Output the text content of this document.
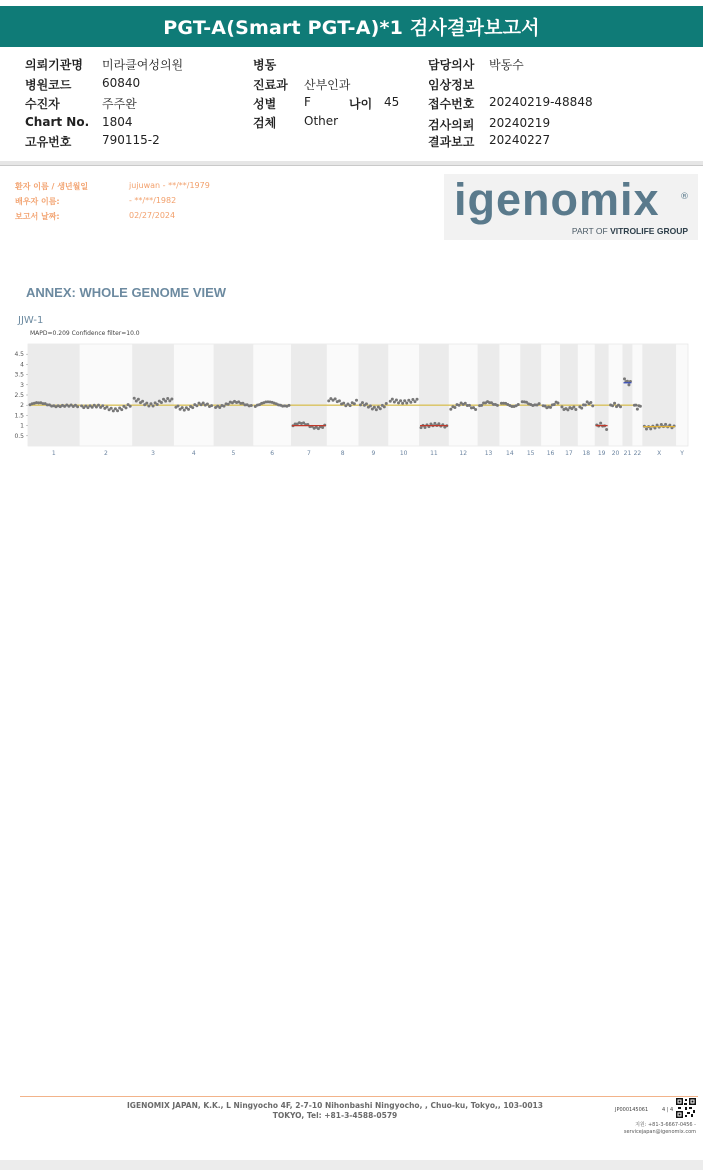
PGT-A(Smart PGT-A)*1 검사결과보고서
의뢰기관명 미라클여성의원
병원코드	60840
수진자	주주완
Chart No. 1804
고유번호	790115-2
병동
진료과 산부인과
성별 F	나이 45
검체 Other
담당의사 박동수
임상정보
접수번호 20240219-48848
검사의뢰 20240219
결과보고 20240227
환자 이름 / 생년월일	jujuwan - **/**/1979
배우자 이름:	- **/**/1982
보고서 날짜:	02/27/2024	igenomix ®
PART OF VITROLIFE GROUP
ANNEX: WHOLE GENOME VIEW
JJW-1
MAPD=0.209 Confidence filter=10.0
0.5
1
1.5
2
2.5
3
3.5
4
4.5
1	2	3	4	5	6	7	8	9	10	11	12	13 14 15 16 17 18 19 20 21 22	X	Y
IGENOMIX JAPAN, K.K., L Ningyocho 4F, 2-7-10 Nihonbashi Ningyocho, , Chuo-ku, Tokyo,, 103-0013 TOKYO, Tel: +81-3-4588-0579
JP000145061	4 | 4
지원: +81-3-6667-0456 -
servicejapan@igenomix.com
